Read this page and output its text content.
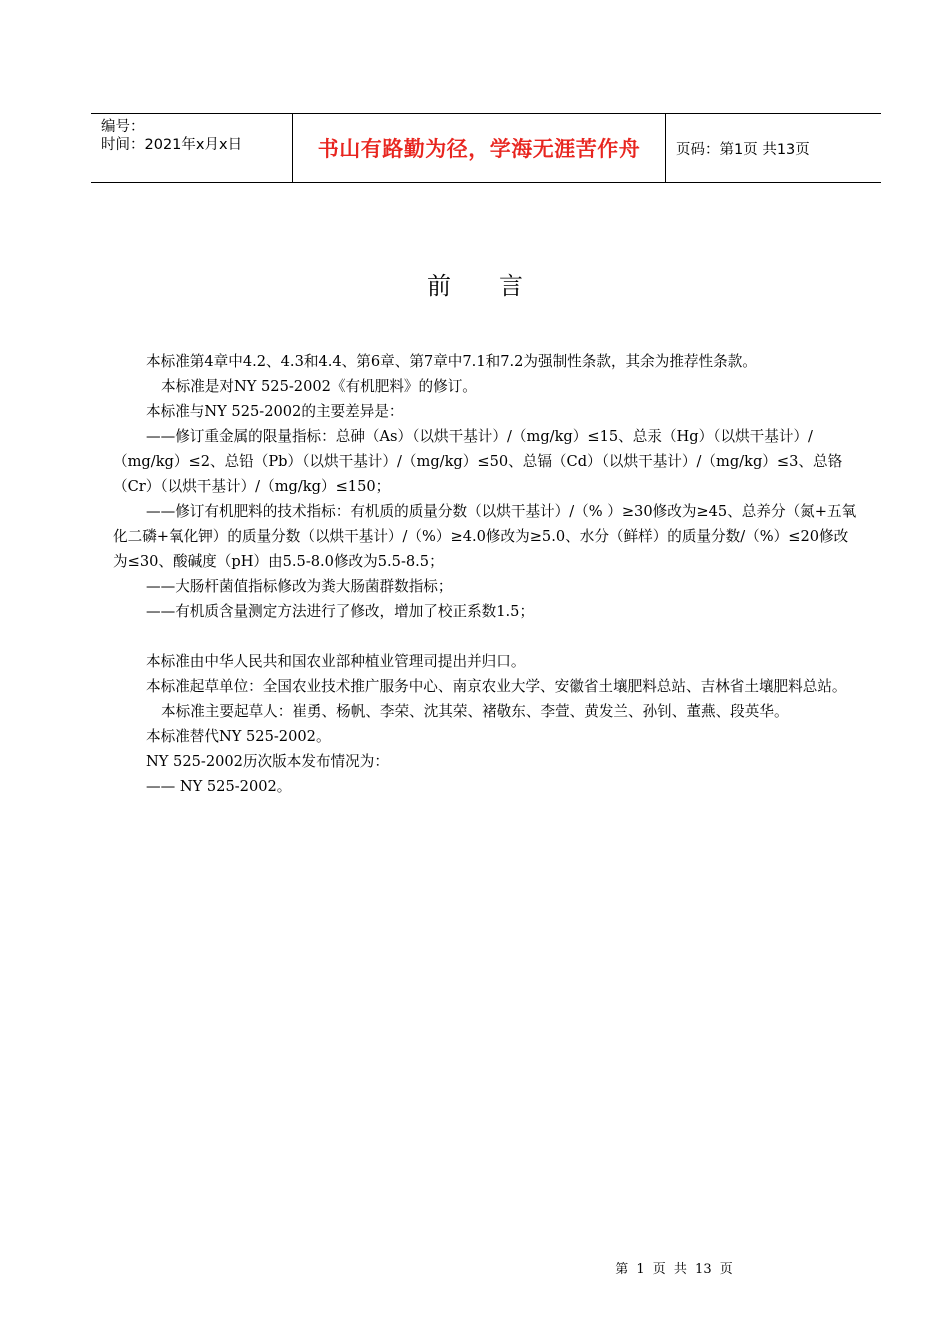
编号：
时间：2021年x月x日	书山有路勤为径，学海无涯苦作舟	页码：第1页 共13页
前言

本标准第4章中4.2、4.3和4.4、第6章、第7章中7.1和7.2为强制性条款，其余为推荐性条款。

本标准是对NY 525-2002《有机肥料》的修订。

本标准与NY 525-2002的主要差异是：

——修订重金属的限量指标：总砷（As）（以烘干基计）/（mg/kg）≤15、总汞（Hg）（以烘干基计）/（mg/kg）≤2、总铅（Pb）（以烘干基计）/（mg/kg）≤50、总镉（Cd）（以烘干基计）/（mg/kg）≤3、总铬（Cr）（以烘干基计）/（mg/kg）≤150；

——修订有机肥料的技术指标：有机质的质量分数（以烘干基计）/（% ）≥30修改为≥45、总养分（氮+五氧化二磷+氧化钾）的质量分数（以烘干基计）/（%）≥4.0修改为≥5.0、水分（鲜样）的质量分数/（%）≤20修改为≤30、酸碱度（pH）由5.5-8.0修改为5.5-8.5；

——大肠杆菌值指标修改为粪大肠菌群数指标；

——有机质含量测定方法进行了修改，增加了校正系数1.5；

本标准由中华人民共和国农业部种植业管理司提出并归口。

本标准起草单位：全国农业技术推广服务中心、南京农业大学、安徽省土壤肥料总站、吉林省土壤肥料总站。

本标准主要起草人：崔勇、杨帆、李荣、沈其荣、褚敬东、李萱、黄发兰、孙钊、董燕、段英华。

本标准替代NY 525-2002。

NY 525-2002历次版本发布情况为：

—— NY 525-2002。

第 1 页 共 13 页
